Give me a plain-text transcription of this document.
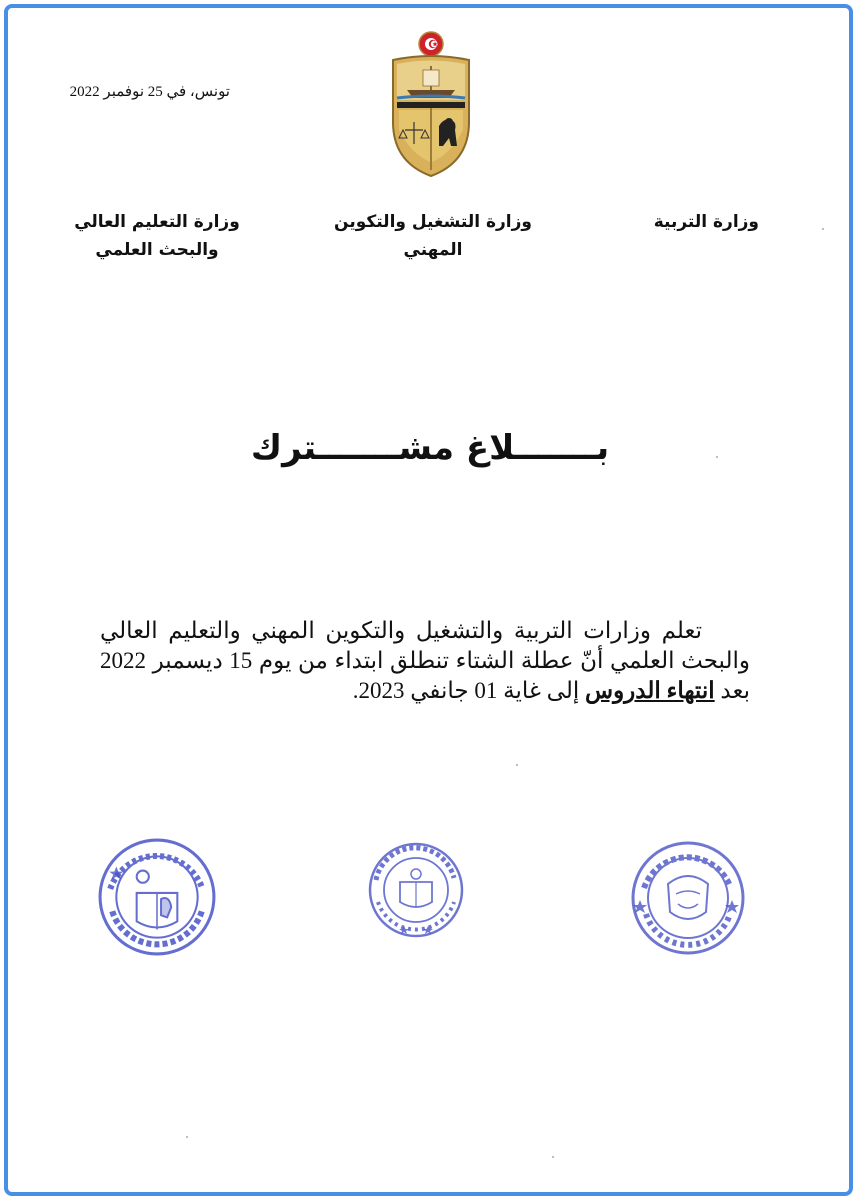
تونس، في 25 نوفمبر 2022
وزارة التربية
وزارة التشغيل والتكوين
المهني
وزارة التعليم العالي
والبحث العلمي
بـــــــلاغ مشـــــــترك
تعلم وزارات التربية والتشغيل والتكوين المهني والتعليم العالي
والبحث العلمي أنّ عطلة الشتاء تنطلق ابتداء من يوم 15 ديسمبر 2022
بعد انتهاء الدروس إلى غاية 01 جانفي 2023.
